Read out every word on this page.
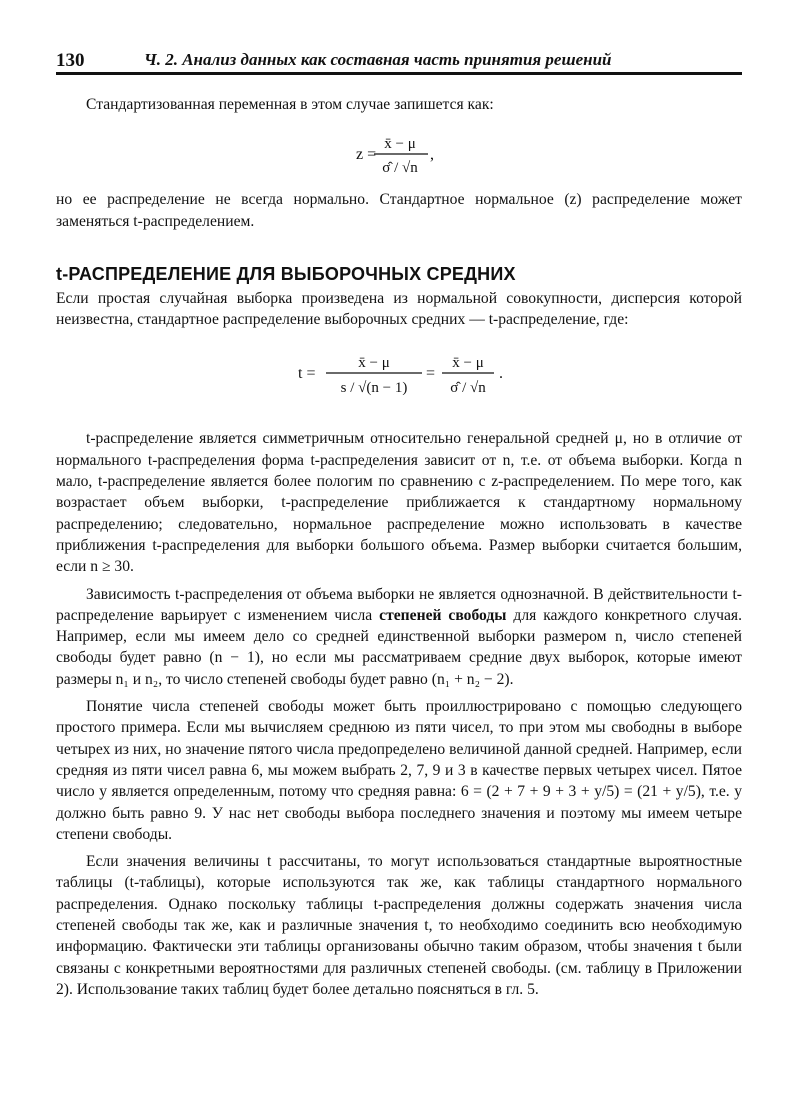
130	Ч. 2. Анализ данных как составная часть принятия решений

Стандартизованная переменная в этом случае запишется как:

z =
x̄ − μ
σ̂ / √n
,

но ее распределение не всегда нормально. Стандартное нормальное (z) распределение может заменяться t-распределением.

t-РАСПРЕДЕЛЕНИЕ ДЛЯ ВЫБОРОЧНЫХ СРЕДНИХ

Если простая случайная выборка произведена из нормальной совокупности, дисперсия которой неизвестна, стандартное распределение выборочных средних — t-распределение, где:

t =
x̄ − μ
s / √(n − 1)
=
x̄ − μ
σ̂ / √n
.

t-распределение является симметричным относительно генеральной средней μ, но в отличие от нормального t-распределения форма t-распределения зависит от n, т.е. от объема выборки. Когда n мало, t-распределение является более пологим по сравнению с z-распределением. По мере того, как возрастает объем выборки, t-распределение приближается к стандартному нормальному распределению; следовательно, нормальное распределение можно использовать в качестве приближения t-распределения для выборки большого объема. Размер выборки считается большим, если n ≥ 30.

Зависимость t-распределения от объема выборки не является однозначной. В действительности t-распределение варьирует с изменением числа степеней свободы для каждого конкретного случая. Например, если мы имеем дело со средней единственной выборки размером n, число степеней свободы будет равно (n − 1), но если мы рассматриваем средние двух выборок, которые имеют размеры n₁ и n₂, то число степеней свободы будет равно (n₁ + n₂ − 2).

Понятие числа степеней свободы может быть проиллюстрировано с помощью следующего простого примера. Если мы вычисляем среднюю из пяти чисел, то при этом мы свободны в выборе четырех из них, но значение пятого числа предопределено величиной данной средней. Например, если средняя из пяти чисел равна 6, мы можем выбрать 2, 7, 9 и 3 в качестве первых четырех чисел. Пятое число у является определенным, потому что средняя равна: 6 = (2 + 7 + 9 + 3 + y/5) = (21 + y/5), т.е. у должно быть равно 9. У нас нет свободы выбора последнего значения и поэтому мы имеем четыре степени свободы.

Если значения величины t рассчитаны, то могут использоваться стандартные выроятностные таблицы (t-таблицы), которые используются так же, как таблицы стандартного нормального распределения. Однако поскольку таблицы t-распределения должны содержать значения числа степеней свободы так же, как и различные значения t, то необходимо соединить всю необходимую информацию. Фактически эти таблицы организованы обычно таким образом, чтобы значения t были связаны с конкретными вероятностями для различных степеней свободы. (см. таблицу в Приложении 2). Использование таких таблиц будет более детально поясняться в гл. 5.
